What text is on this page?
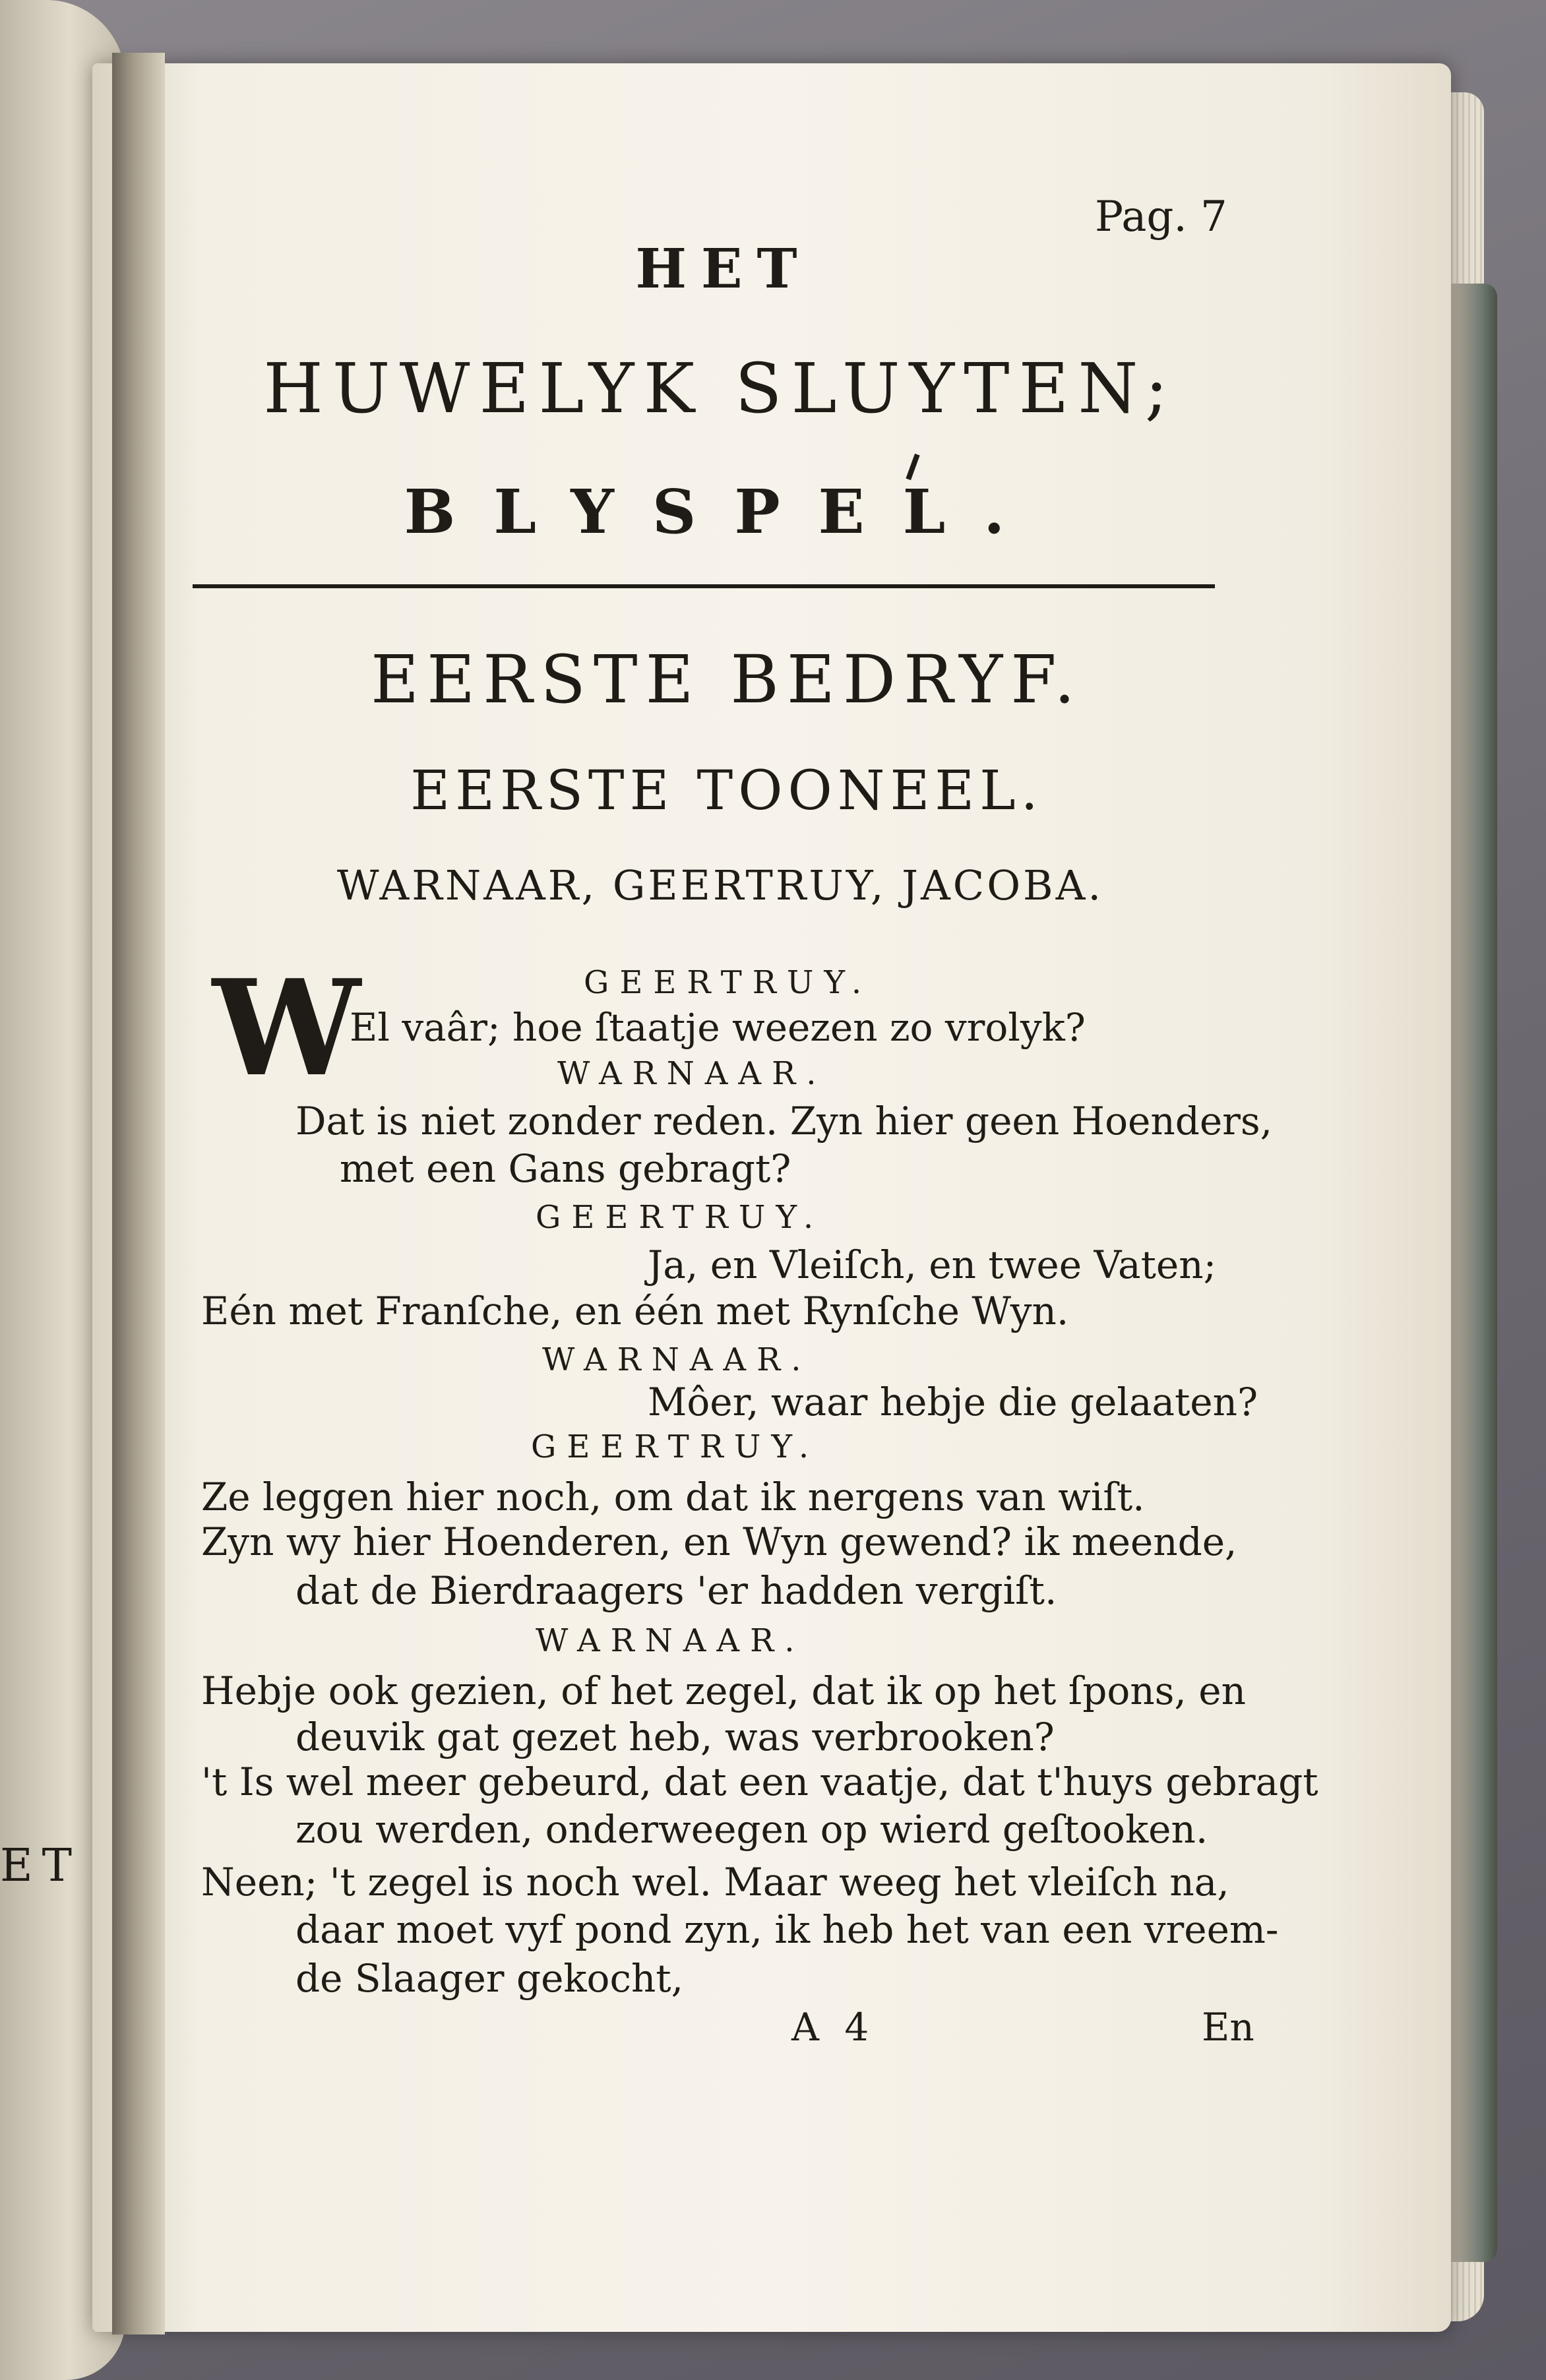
ET
Pag. 7
HET
HUWELYK SLUYTEN;
BLYSPEL.
EERSTE BEDRYF.
EERSTE TOONEEL.
WARNAAR, GEERTRUY, JACOBA.
W	GEERTRUY.
El vaâr; hoe ſtaatje weezen zo vrolyk?
WARNAAR.
Dat is niet zonder reden. Zyn hier geen Hoenders,
met een Gans gebragt?
GEERTRUY.
Ja, en Vleiſch, en twee Vaten;
Eén met Franſche, en één met Rynſche Wyn.
WARNAAR.
Môer, waar hebje die gelaaten?
GEERTRUY.
Ze leggen hier noch, om dat ik nergens van wiſt.
Zyn wy hier Hoenderen, en Wyn gewend? ik meende,
dat de Bierdraagers 'er hadden vergiſt.
WARNAAR.
Hebje ook gezien, of het zegel, dat ik op het ſpons, en
deuvik gat gezet heb, was verbrooken?
't Is wel meer gebeurd, dat een vaatje, dat t'huys gebragt
zou werden, onderweegen op wierd geſtooken.
Neen; 't zegel is noch wel. Maar weeg het vleiſch na,
daar moet vyf pond zyn, ik heb het van een vreem-
de Slaager gekocht,
A 4	En
